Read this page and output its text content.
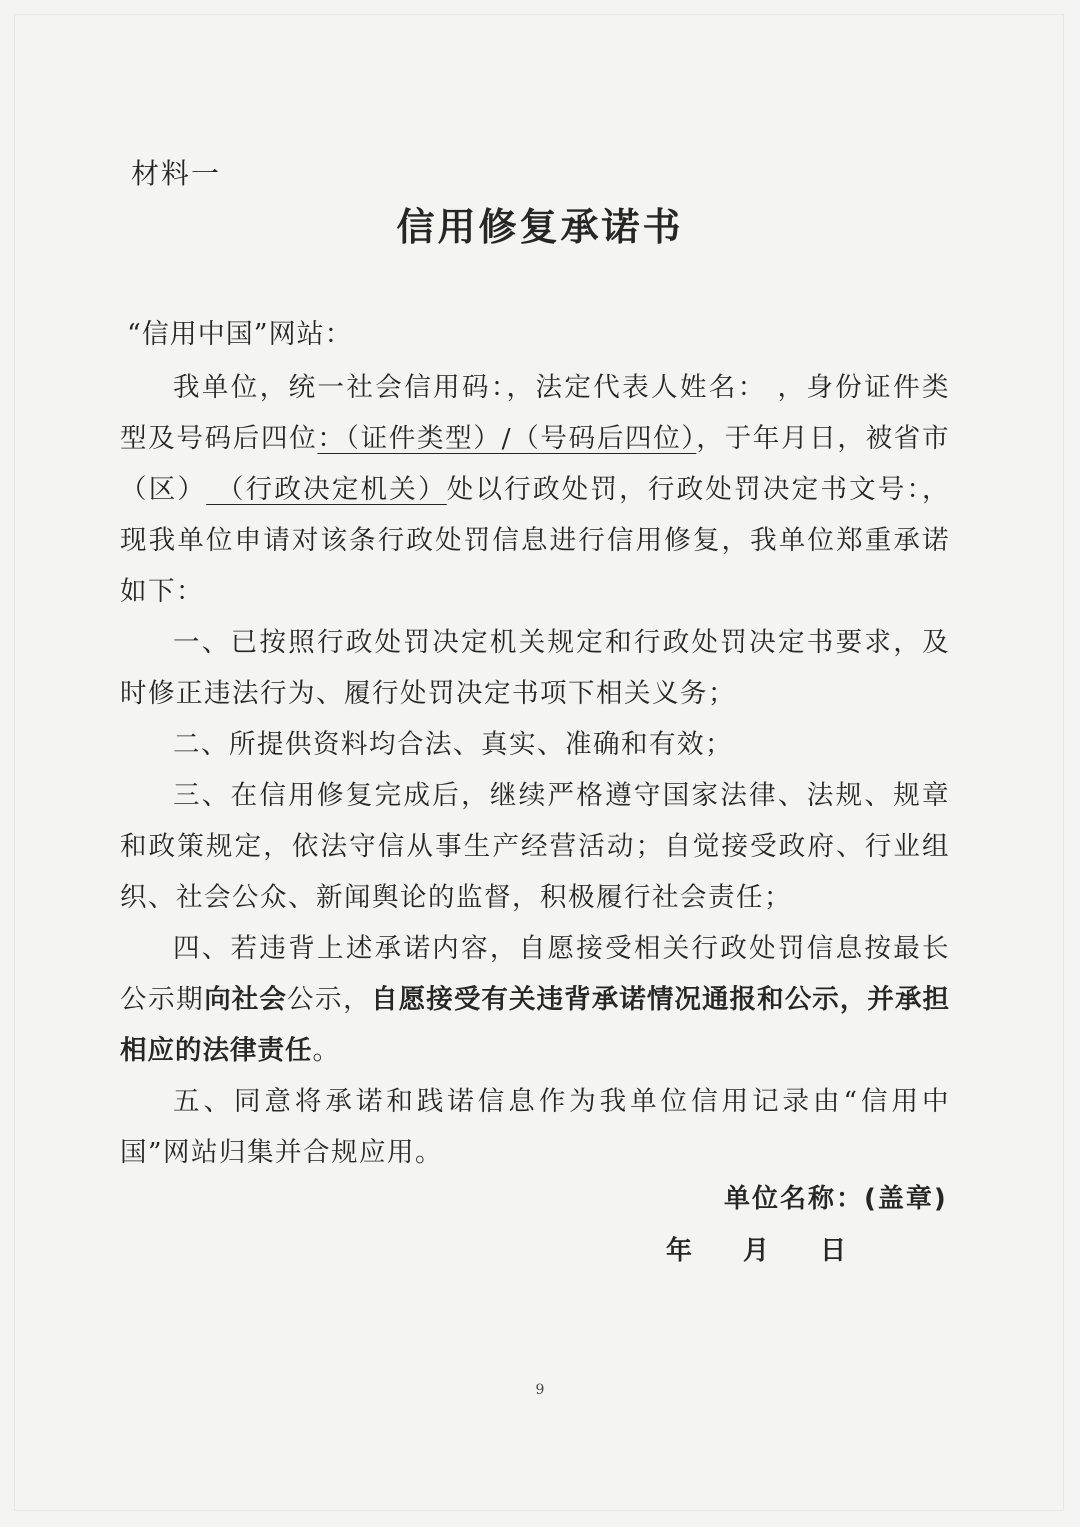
材料一
信用修复承诺书
“信用中国”网站：

我单位，统一社会信用码：，法定代表人姓名： ，身份证件类型及号码后四位：（证件类型）/（号码后四位），于年月日，被省市（区） （行政决定机关）处以行政处罚，行政处罚决定书文号：，现我单位申请对该条行政处罚信息进行信用修复，我单位郑重承诺如下：

一、已按照行政处罚决定机关规定和行政处罚决定书要求，及时修正违法行为、履行处罚决定书项下相关义务；

二、所提供资料均合法、真实、准确和有效；

三、在信用修复完成后，继续严格遵守国家法律、法规、规章和政策规定，依法守信从事生产经营活动；自觉接受政府、行业组织、社会公众、新闻舆论的监督，积极履行社会责任；

四、若违背上述承诺内容，自愿接受相关行政处罚信息按最长公示期向社会公示，自愿接受有关违背承诺情况通报和公示，并承担相应的法律责任。

五、同意将承诺和践诺信息作为我单位信用记录由“信用中国”网站归集并合规应用。

单位名称：(盖章)
年 月 日
9
